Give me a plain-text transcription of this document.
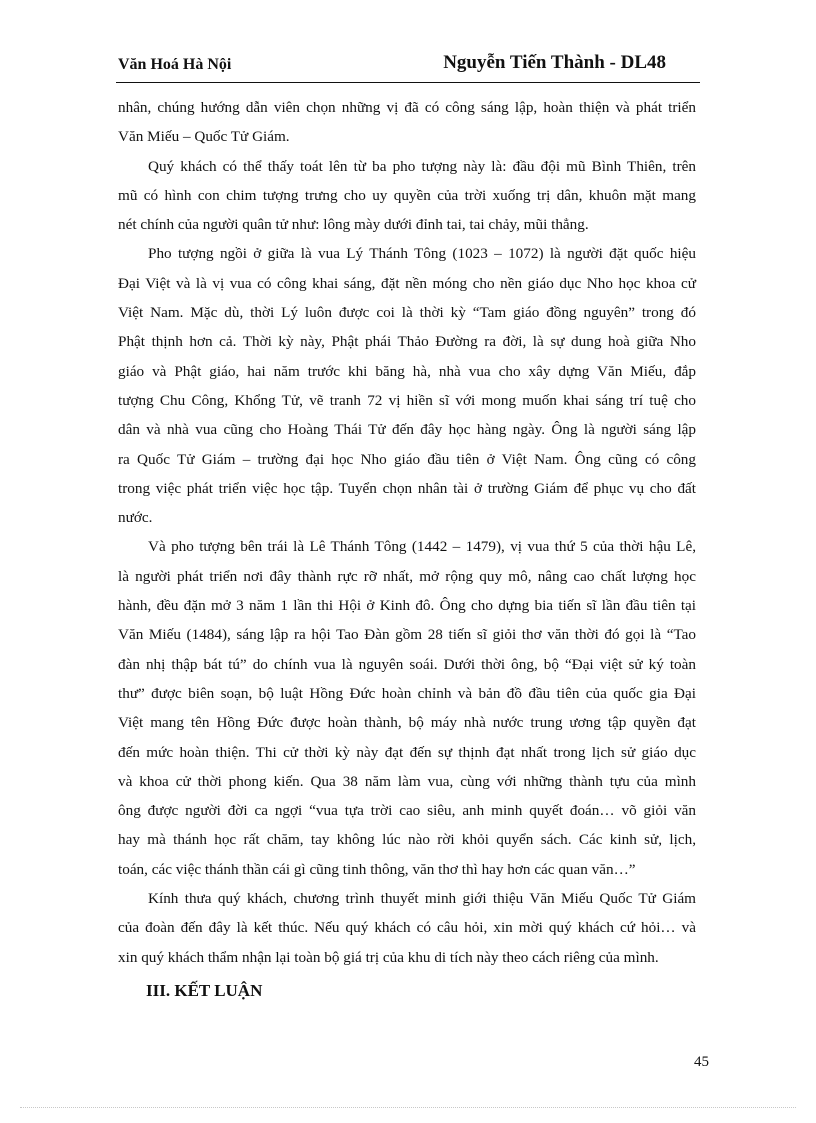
Văn Hoá Hà Nội	Nguyễn Tiến Thành - DL48

nhân, chúng hướng dẫn viên chọn những vị đã có công sáng lập, hoàn thiện và phát triển

Văn Miếu – Quốc Tử Giám.

Quý khách có thể thấy toát lên từ ba pho tượng này là: đầu đội mũ Bình Thiên, trên

mũ có hình con chim tượng trưng cho uy quyền của trời xuống trị dân, khuôn mặt mang

nét chính của người quân tử như: lông mày dưới đỉnh tai, tai chảy, mũi thẳng.

Pho tượng ngồi ở giữa là vua Lý Thánh Tông (1023 – 1072) là người đặt quốc hiệu

Đại Việt và là vị vua có công khai sáng, đặt nền móng cho nền giáo dục Nho học khoa cử

Việt Nam. Mặc dù, thời Lý luôn được coi là thời kỳ “Tam giáo đồng nguyên” trong đó

Phật thịnh hơn cả. Thời kỳ này, Phật phái Thảo Đường ra đời, là sự dung hoà giữa Nho

giáo và Phật giáo, hai năm trước khi băng hà, nhà vua cho xây dựng Văn Miếu, đắp

tượng Chu Công, Khổng Tử, vẽ tranh 72 vị hiền sĩ với mong muốn khai sáng trí tuệ cho

dân và nhà vua cũng cho Hoàng Thái Tử đến đây học hàng ngày. Ông là người sáng lập

ra Quốc Tử Giám – trường đại học Nho giáo đầu tiên ở Việt Nam. Ông cũng có công

trong việc phát triển việc học tập. Tuyển chọn nhân tài ở trường Giám để phục vụ cho đất

nước.

Và pho tượng bên trái là Lê Thánh Tông (1442 – 1479), vị vua thứ 5 của thời hậu Lê,

là người phát triển nơi đây thành rực rỡ nhất, mở rộng quy mô, nâng cao chất lượng học

hành, đều đặn mở 3 năm 1 lần thi Hội ở Kinh đô. Ông cho dựng bia tiến sĩ lần đầu tiên tại

Văn Miếu (1484), sáng lập ra hội Tao Đàn gồm 28 tiến sĩ giỏi thơ văn thời đó gọi là “Tao

đàn nhị thập bát tú” do chính vua là nguyên soái. Dưới thời ông, bộ “Đại việt sử ký toàn

thư” được biên soạn, bộ luật Hồng Đức hoàn chỉnh và bản đồ đầu tiên của quốc gia Đại

Việt mang tên Hồng Đức được hoàn thành, bộ máy nhà nước trung ương tập quyền đạt

đến mức hoàn thiện. Thi cử thời kỳ này đạt đến sự thịnh đạt nhất trong lịch sử giáo dục

và khoa cử thời phong kiến. Qua 38 năm làm vua, cùng với những thành tựu của mình

ông được người đời ca ngợi “vua tựa trời cao siêu, anh minh quyết đoán… võ giỏi văn

hay mà thánh học rất chăm, tay không lúc nào rời khỏi quyển sách. Các kinh sử, lịch,

toán, các việc thánh thần cái gì cũng tinh thông, văn thơ thì hay hơn các quan văn…”

Kính thưa quý khách, chương trình thuyết minh giới thiệu Văn Miếu Quốc Tử Giám

của đoàn đến đây là kết thúc. Nếu quý khách có câu hỏi, xin mời quý khách cứ hỏi… và

xin quý khách thẩm nhận lại toàn bộ giá trị của khu di tích này theo cách riêng của mình.

III. KẾT LUẬN

45
